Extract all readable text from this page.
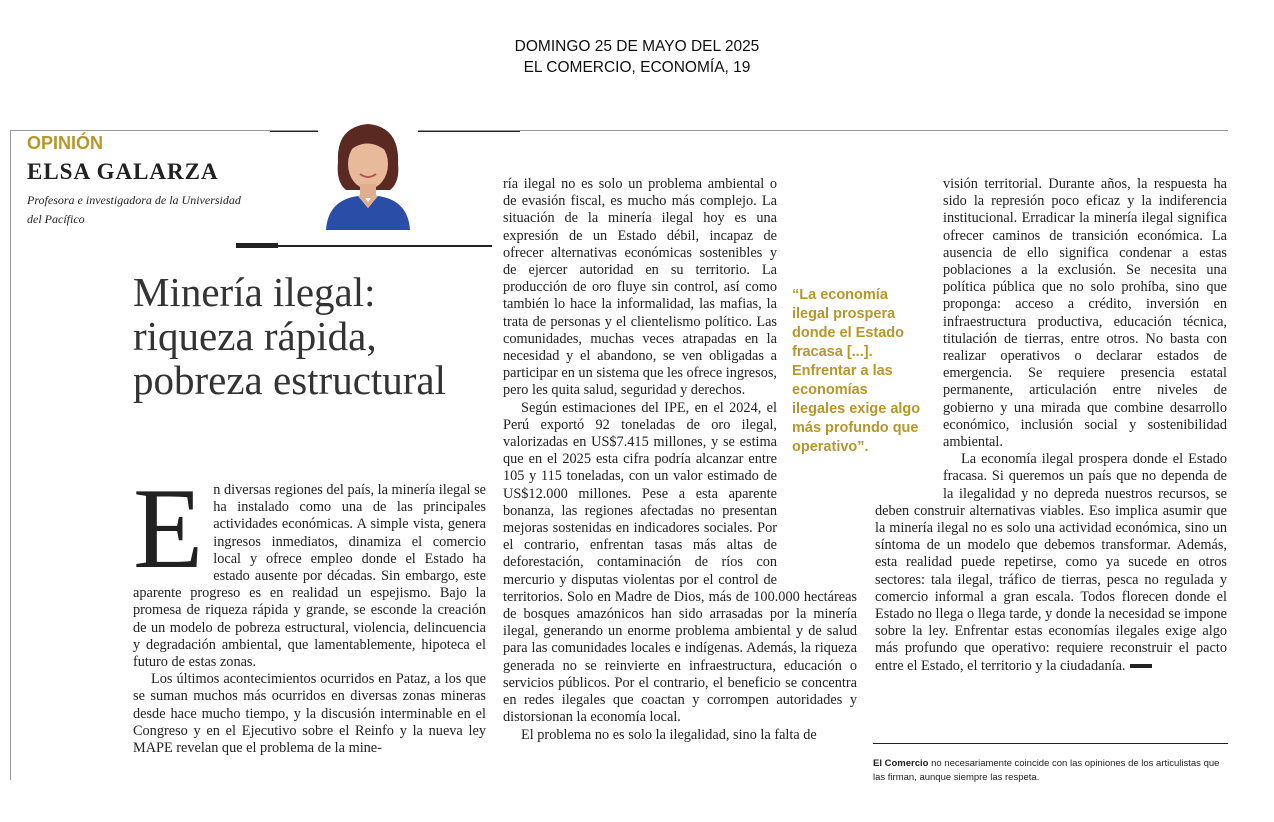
DOMINGO 25 DE MAYO DEL 2025
EL COMERCIO, ECONOMÍA, 19
OPINIÓN
ELSA GALARZA
Profesora e investigadora de la Universidad del Pacífico
Minería ilegal: riqueza rápida, pobreza estructural
E n diversas regiones del país, la minería ilegal se ha instalado como una de las principales actividades económicas. A simple vista, genera ingresos inmediatos, dinamiza el comercio local y ofrece empleo donde el Estado ha estado ausente por décadas. Sin embargo, este aparente progreso es en realidad un espejismo. Bajo la promesa de riqueza rápida y grande, se esconde la creación de un modelo de pobreza estructural, violencia, delincuencia y degradación ambiental, que lamentablemente, hipoteca el futuro de estas zonas.

Los últimos acontecimientos ocurridos en Pataz, a los que se suman muchos más ocurridos en diversas zonas mineras desde hace mucho tiempo, y la discusión interminable en el Congreso y en el Ejecutivo sobre el Reinfo y la nueva ley MAPE revelan que el problema de la mine-

ría ilegal no es solo un problema ambiental o de evasión fiscal, es mucho más complejo. La situación de la minería ilegal hoy es una expresión de un Estado débil, incapaz de ofrecer alternativas económicas sostenibles y de ejercer autoridad en su territorio. La producción de oro fluye sin control, así como también lo hace la informalidad, las mafias, la trata de personas y el clientelismo político. Las comunidades, muchas veces atrapadas en la necesidad y el abandono, se ven obligadas a participar en un sistema que les ofrece ingresos, pero les quita salud, seguridad y derechos.

Según estimaciones del IPE, en el 2024, el Perú exportó 92 toneladas de oro ilegal, valorizadas en US$7.415 millones, y se estima que en el 2025 esta cifra podría alcanzar entre 105 y 115 toneladas, con un valor estimado de US$12.000 millones. Pese a esta aparente bonanza, las regiones afectadas no presentan mejoras sostenidas en indicadores sociales. Por el contrario, enfrentan tasas más altas de deforestación, contaminación de ríos con mercurio y disputas violentas por el control de territorios. Solo en Madre de Dios, más de 100.000 hectáreas de bosques amazónicos han sido arrasadas por la minería ilegal, generando un enorme problema ambiental y de salud para las comunidades locales e indígenas. Además, la riqueza generada no se reinvierte en infraestructura, educación o servicios públicos. Por el contrario, el beneficio se concentra en redes ilegales que coactan y corrompen autoridades y distorsionan la economía local.

El problema no es solo la ilegalidad, sino la falta de

“La economía ilegal prospera donde el Estado fracasa [...]. Enfrentar a las economías ilegales exige algo más profundo que operativo”.

visión territorial. Durante años, la respuesta ha sido la represión poco eficaz y la indiferencia institucional. Erradicar la minería ilegal significa ofrecer caminos de transición económica. La ausencia de ello significa condenar a estas poblaciones a la exclusión. Se necesita una política pública que no solo prohíba, sino que proponga: acceso a crédito, inversión en infraestructura productiva, educación técnica, titulación de tierras, entre otros. No basta con realizar operativos o declarar estados de emergencia. Se requiere presencia estatal permanente, articulación entre niveles de gobierno y una mirada que combine desarrollo económico, inclusión social y sostenibilidad ambiental.

La economía ilegal prospera donde el Estado fracasa. Si queremos un país que no dependa de la ilegalidad y no depreda nuestros recursos, se deben construir alternativas viables. Eso implica asumir que la minería ilegal no es solo una actividad económica, sino un síntoma de un modelo que debemos transformar. Además, esta realidad puede repetirse, como ya sucede en otros sectores: tala ilegal, tráfico de tierras, pesca no regulada y comercio informal a gran escala. Todos florecen donde el Estado no llega o llega tarde, y donde la necesidad se impone sobre la ley. Enfrentar estas economías ilegales exige algo más profundo que operativo: requiere reconstruir el pacto entre el Estado, el territorio y la ciudadanía.

El Comercio no necesariamente coincide con las opiniones de los articulistas que las firman, aunque siempre las respeta.
